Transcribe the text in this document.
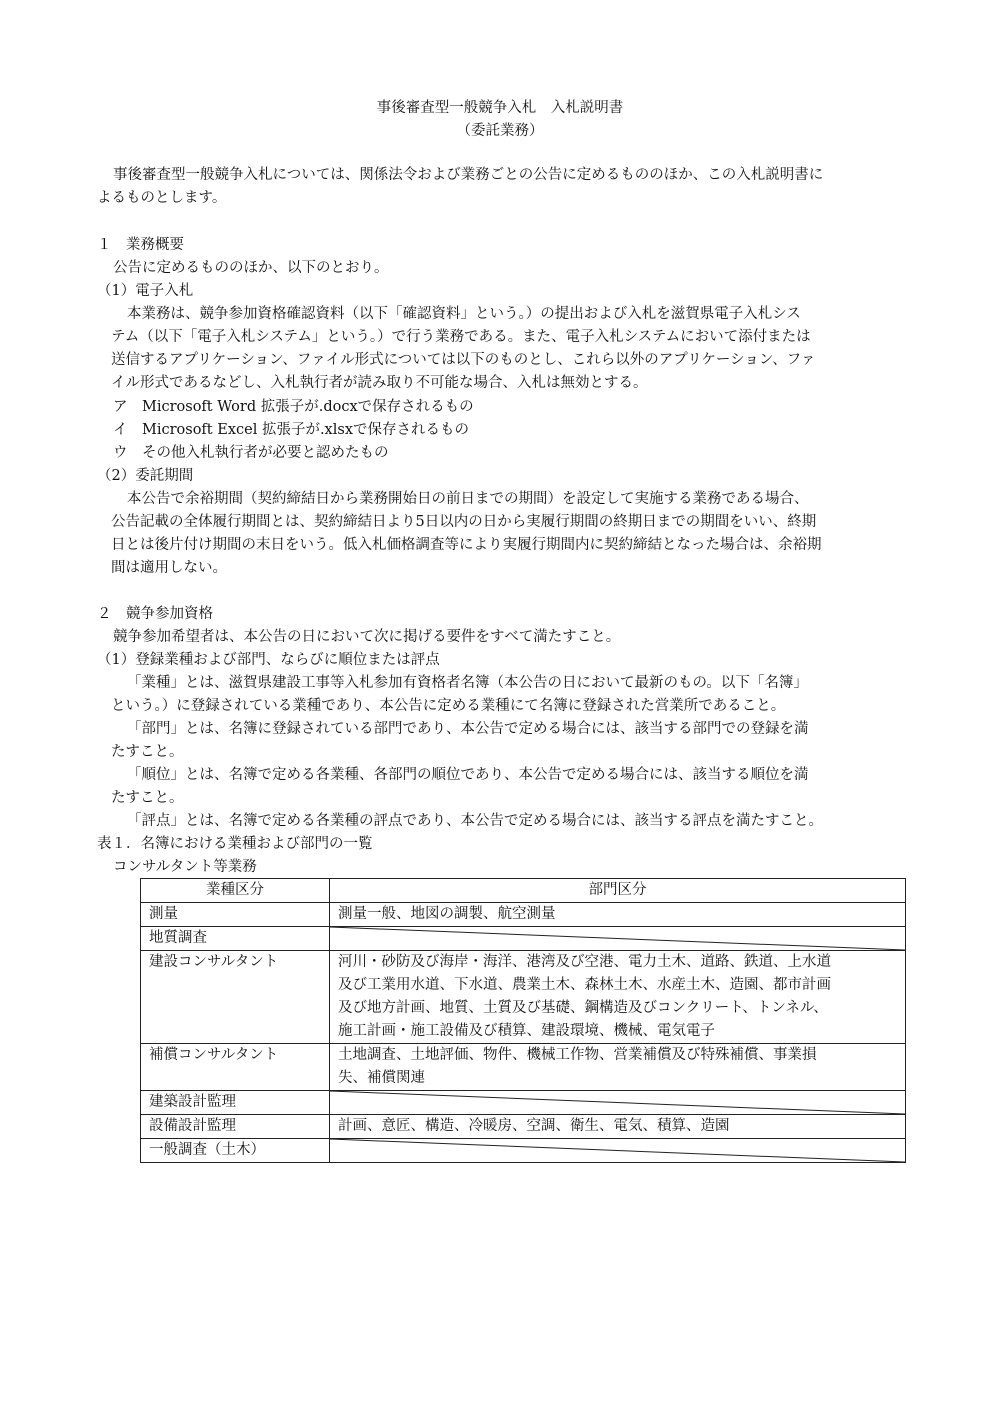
事後審査型一般競争入札　入札説明書
（委託業務）
事後審査型一般競争入札については、関係法令および業務ごとの公告に定めるもののほか、この入札説明書に
よるものとします。
１　業務概要
公告に定めるもののほか、以下のとおり。
（1）電子入札
本業務は、競争参加資格確認資料（以下「確認資料」という。）の提出および入札を滋賀県電子入札シス
テム（以下「電子入札システム」という。）で行う業務である。また、電子入札システムにおいて添付または
送信するアプリケーション、ファイル形式については以下のものとし、これら以外のアプリケーション、ファ
イル形式であるなどし、入札執行者が読み取り不可能な場合、入札は無効とする。
ア　Microsoft Word 拡張子が.docxで保存されるもの
イ　Microsoft Excel 拡張子が.xlsxで保存されるもの
ウ　その他入札執行者が必要と認めたもの
（2）委託期間
本公告で余裕期間（契約締結日から業務開始日の前日までの期間）を設定して実施する業務である場合、
公告記載の全体履行期間とは、契約締結日より5日以内の日から実履行期間の終期日までの期間をいい、終期
日とは後片付け期間の末日をいう。低入札価格調査等により実履行期間内に契約締結となった場合は、余裕期
間は適用しない。
２　競争参加資格
競争参加希望者は、本公告の日において次に掲げる要件をすべて満たすこと。
（1）登録業種および部門、ならびに順位または評点
「業種」とは、滋賀県建設工事等入札参加有資格者名簿（本公告の日において最新のもの。以下「名簿」
という。）に登録されている業種であり、本公告に定める業種にて名簿に登録された営業所であること。
「部門」とは、名簿に登録されている部門であり、本公告で定める場合には、該当する部門での登録を満
たすこと。
「順位」とは、名簿で定める各業種、各部門の順位であり、本公告で定める場合には、該当する順位を満
たすこと。
「評点」とは、名簿で定める各業種の評点であり、本公告で定める場合には、該当する評点を満たすこと。
表１．名簿における業種および部門の一覧
コンサルタント等業務
業種区分	部門区分
測量	測量一般、地図の調製、航空測量

地質調査	

建設コンサルタント	河川・砂防及び海岸・海洋、港湾及び空港、電力土木、道路、鉄道、上水道
及び工業用水道、下水道、農業土木、森林土木、水産土木、造園、都市計画
及び地方計画、地質、土質及び基礎、鋼構造及びコンクリート、トンネル、
施工計画・施工設備及び積算、建設環境、機械、電気電子

補償コンサルタント	土地調査、土地評価、物件、機械工作物、営業補償及び特殊補償、事業損
失、補償関連

建築設計監理	

設備設計監理	計画、意匠、構造、冷暖房、空調、衛生、電気、積算、造園

一般調査（土木）	
